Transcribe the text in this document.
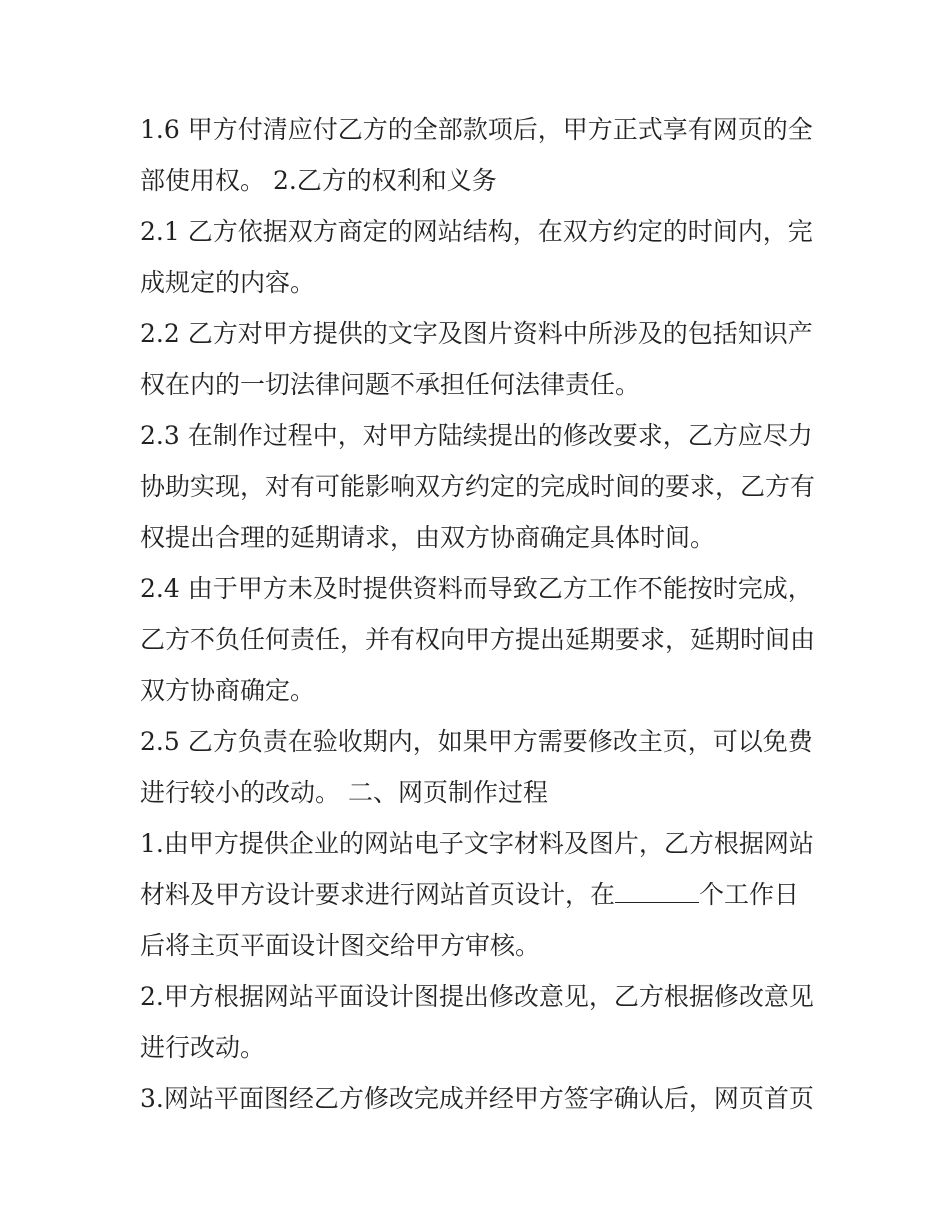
1.6 甲方付清应付乙方的全部款项后，甲方正式享有网页的全部使用权。 2.乙方的权利和义务

2.1 乙方依据双方商定的网站结构，在双方约定的时间内，完成规定的内容。

2.2 乙方对甲方提供的文字及图片资料中所涉及的包括知识产权在内的一切法律问题不承担任何法律责任。

2.3 在制作过程中，对甲方陆续提出的修改要求，乙方应尽力协助实现，对有可能影响双方约定的完成时间的要求，乙方有权提出合理的延期请求，由双方协商确定具体时间。

2.4 由于甲方未及时提供资料而导致乙方工作不能按时完成，乙方不负任何责任，并有权向甲方提出延期要求，延期时间由双方协商确定。

2.5 乙方负责在验收期内，如果甲方需要修改主页，可以免费进行较小的改动。 二、网页制作过程

1.由甲方提供企业的网站电子文字材料及图片，乙方根据网站材料及甲方设计要求进行网站首页设计，在	个工作日后将主页平面设计图交给甲方审核。

2.甲方根据网站平面设计图提出修改意见，乙方根据修改意见进行改动。

3.网站平面图经乙方修改完成并经甲方签字确认后，网页首页
